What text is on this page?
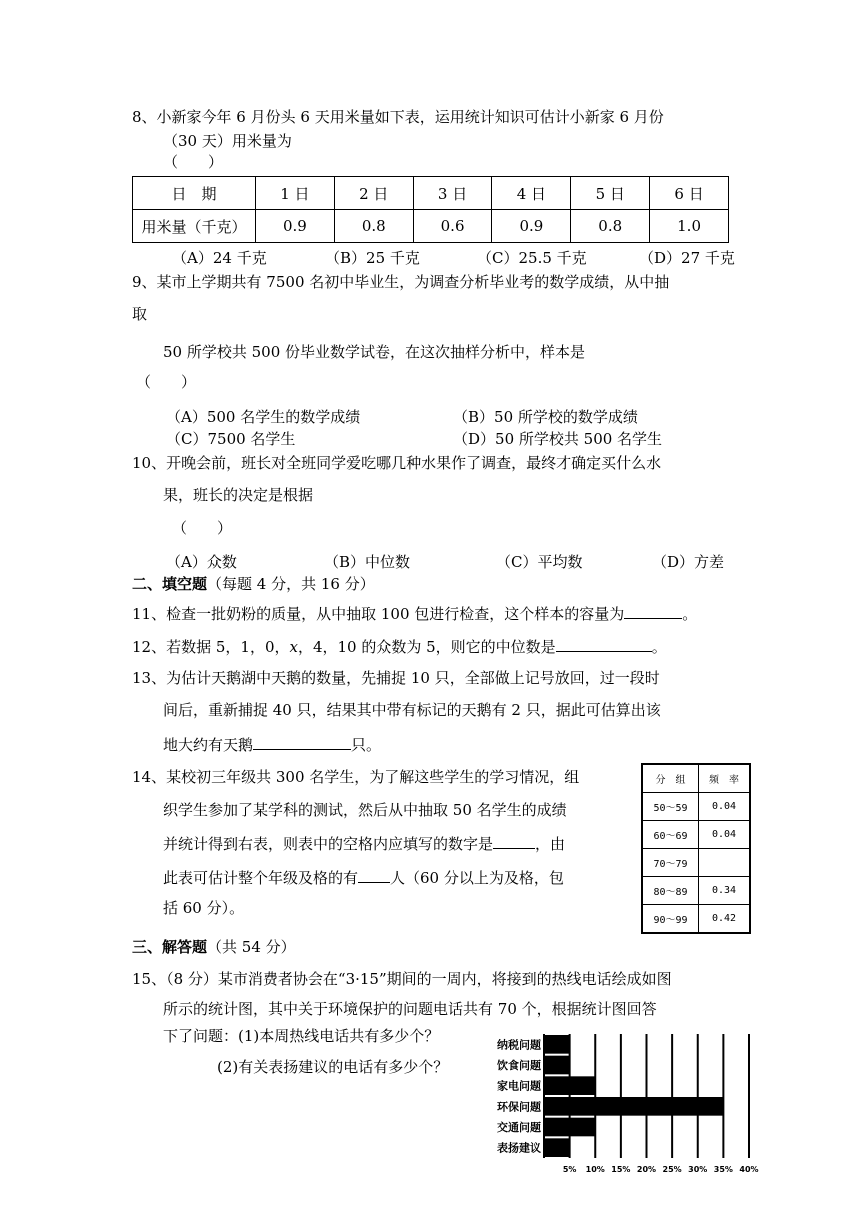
8、小新家今年 6 月份头 6 天用米量如下表，运用统计知识可估计小新家 6 月份
（30 天）用米量为
（　　）
日　期	1 日	2 日	3 日	4 日	5 日	6 日
用米量（千克）	0.9	0.8	0.6	0.9	0.8	1.0
（A）24 千克	（B）25 千克	（C）25.5 千克	（D）27 千克
9、某市上学期共有 7500 名初中毕业生，为调查分析毕业考的数学成绩，从中抽
取
50 所学校共 500 份毕业数学试卷，在这次抽样分析中，样本是
（　　）
（A）500 名学生的数学成绩	（B）50 所学校的数学成绩
（C）7500 名学生	（D）50 所学校共 500 名学生
10、开晚会前，班长对全班同学爱吃哪几种水果作了调查，最终才确定买什么水
果，班长的决定是根据
（　　）
（A）众数	（B）中位数	（C）平均数	（D）方差
二、填空题（每题 4 分，共 16 分）
11、检查一批奶粉的质量，从中抽取 100 包进行检查，这个样本的容量为	。
12、若数据 5，1，0，x，4，10 的众数为 5，则它的中位数是	。
13、为估计天鹅湖中天鹅的数量，先捕捉 10 只，全部做上记号放回，过一段时
间后，重新捕捉 40 只，结果其中带有标记的天鹅有 2 只，据此可估算出该
地大约有天鹅	只。
14、某校初三年级共 300 名学生，为了解这些学生的学习情况，组
织学生参加了某学科的测试，然后从中抽取 50 名学生的成绩
并统计得到右表，则表中的空格内应填写的数字是	，由
此表可估计整个年级及格的有 人（60 分以上为及格，包
括 60 分）。
分　组	频　率
50～59	0.04
60～69	0.04
70～79	
80～89	0.34
90～99	0.42
三、解答题（共 54 分）
15、（8 分）某市消费者协会在“3·15”期间的一周内，将接到的热线电话绘成如图
所示的统计图，其中关于环境保护的问题电话共有 70 个，根据统计图回答
下了问题：(1)本周热线电话共有多少个？
(2)有关表扬建议的电话有多少个？
纳税问题
饮食问题
家电问题
环保问题
交通问题
表扬建议
5% 10% 15% 20% 25% 30% 35% 40%
